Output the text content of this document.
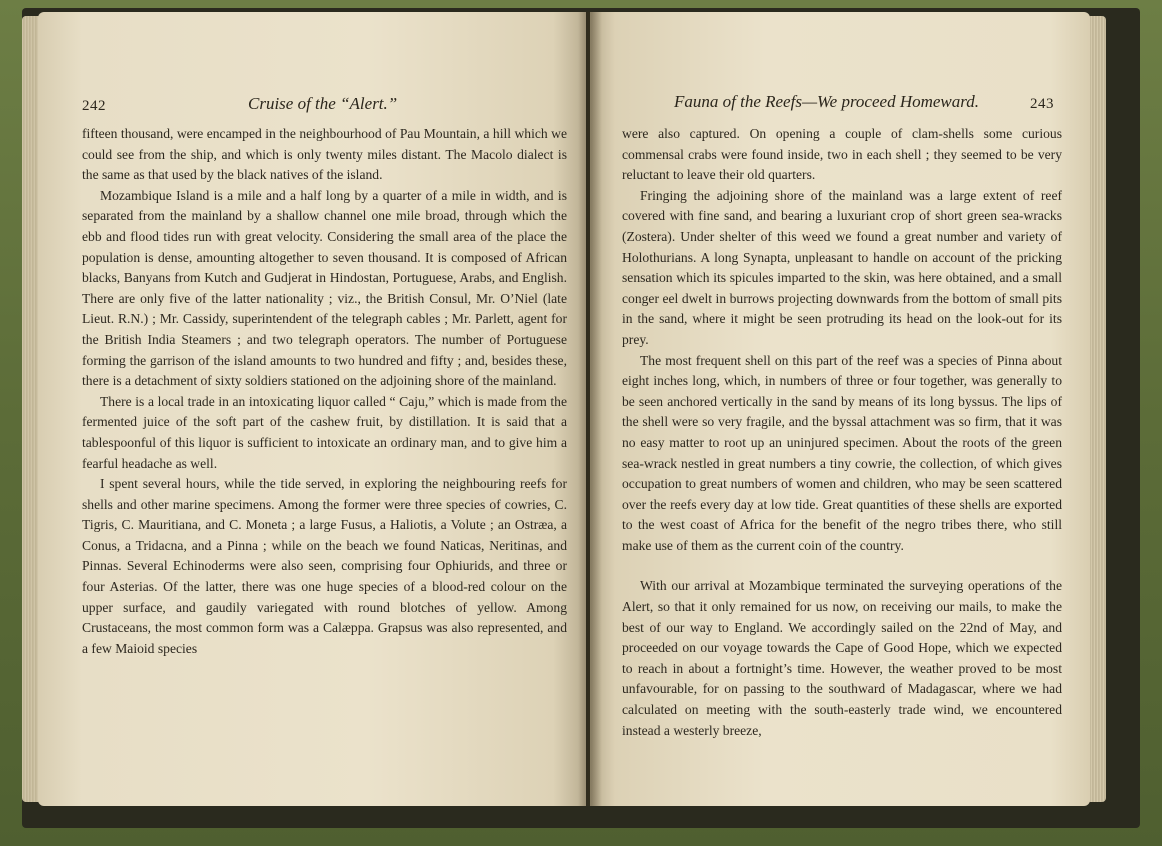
242	Cruise of the “Alert.”

fifteen thousand, were encamped in the neighbourhood of Pau Mountain, a hill which we could see from the ship, and which is only twenty miles distant. The Macolo dialect is the same as that used by the black natives of the island.

Mozambique Island is a mile and a half long by a quarter of a mile in width, and is separated from the mainland by a shallow channel one mile broad, through which the ebb and flood tides run with great velocity. Considering the small area of the place the population is dense, amounting altogether to seven thousand. It is composed of African blacks, Banyans from Kutch and Gudjerat in Hindostan, Portuguese, Arabs, and English. There are only five of the latter nationality ; viz., the British Consul, Mr. O’Niel (late Lieut. R.N.) ; Mr. Cassidy, superintendent of the telegraph cables ; Mr. Parlett, agent for the British India Steamers ; and two telegraph operators. The number of Portuguese forming the garrison of the island amounts to two hundred and fifty ; and, besides these, there is a detachment of sixty soldiers stationed on the adjoining shore of the mainland.

There is a local trade in an intoxicating liquor called “ Caju,” which is made from the fermented juice of the soft part of the cashew fruit, by distillation. It is said that a tablespoonful of this liquor is sufficient to intoxicate an ordinary man, and to give him a fearful headache as well.

I spent several hours, while the tide served, in exploring the neighbouring reefs for shells and other marine specimens. Among the former were three species of cowries, C. Tigris, C. Mauritiana, and C. Moneta ; a large Fusus, a Haliotis, a Volute ; an Ostræa, a Conus, a Tridacna, and a Pinna ; while on the beach we found Naticas, Neritinas, and Pinnas. Several Echinoderms were also seen, comprising four Ophiurids, and three or four Asterias. Of the latter, there was one huge species of a blood-red colour on the upper surface, and gaudily variegated with round blotches of yellow. Among Crustaceans, the most common form was a Calæppa. Grapsus was also represented, and a few Maioid species

Fauna of the Reefs—We proceed Homeward.	243

were also captured. On opening a couple of clam-shells some curious commensal crabs were found inside, two in each shell ; they seemed to be very reluctant to leave their old quarters.

Fringing the adjoining shore of the mainland was a large extent of reef covered with fine sand, and bearing a luxuriant crop of short green sea-wracks (Zostera). Under shelter of this weed we found a great number and variety of Holothurians. A long Synapta, unpleasant to handle on account of the pricking sensation which its spicules imparted to the skin, was here obtained, and a small conger eel dwelt in burrows projecting downwards from the bottom of small pits in the sand, where it might be seen protruding its head on the look-out for its prey.

The most frequent shell on this part of the reef was a species of Pinna about eight inches long, which, in numbers of three or four together, was generally to be seen anchored vertically in the sand by means of its long byssus. The lips of the shell were so very fragile, and the byssal attachment was so firm, that it was no easy matter to root up an uninjured specimen. About the roots of the green sea-wrack nestled in great numbers a tiny cowrie, the collection, of which gives occupation to great numbers of women and children, who may be seen scattered over the reefs every day at low tide. Great quantities of these shells are exported to the west coast of Africa for the benefit of the negro tribes there, who still make use of them as the current coin of the country.

With our arrival at Mozambique terminated the surveying operations of the Alert, so that it only remained for us now, on receiving our mails, to make the best of our way to England. We accordingly sailed on the 22nd of May, and proceeded on our voyage towards the Cape of Good Hope, which we expected to reach in about a fortnight’s time. However, the weather proved to be most unfavourable, for on passing to the southward of Madagascar, where we had calculated on meeting with the south-easterly trade wind, we encountered instead a westerly breeze,
